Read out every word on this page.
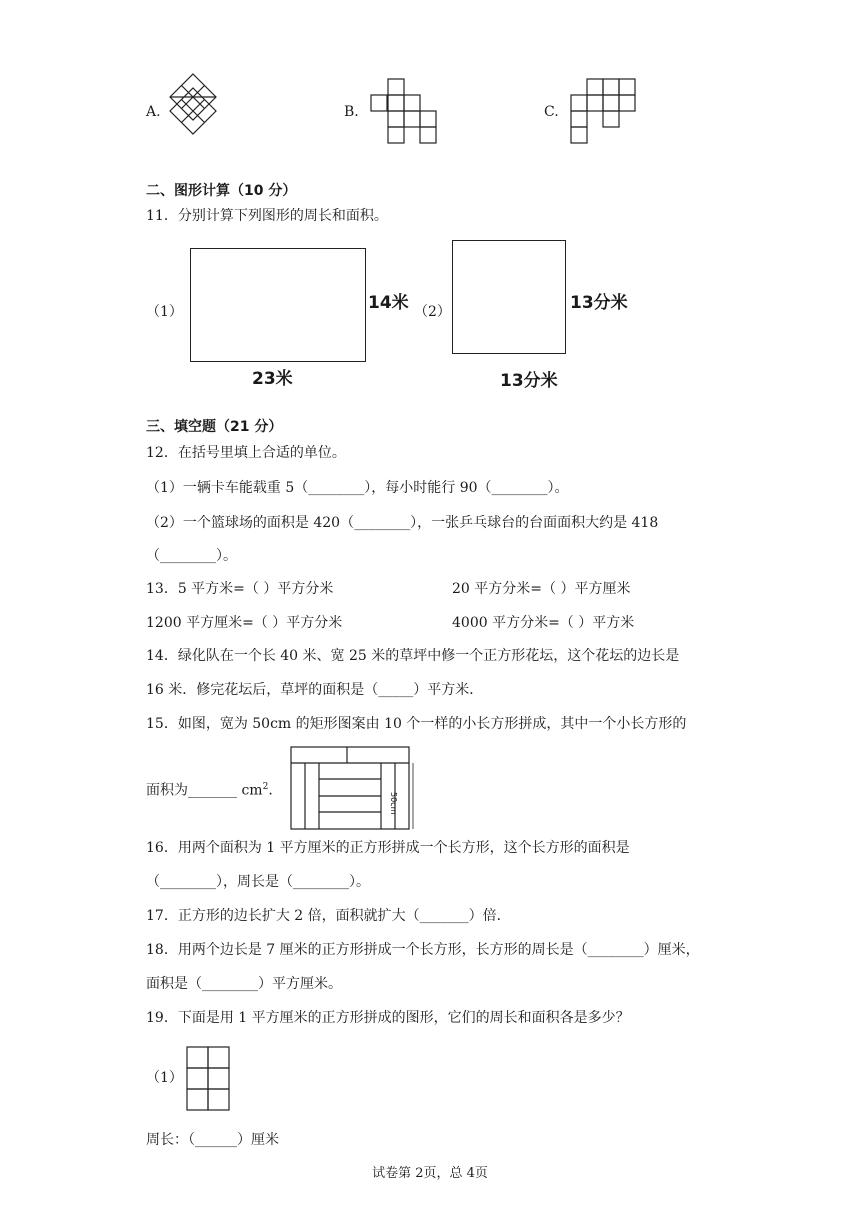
A.	B.	C.
二、图形计算（10 分）
11．分别计算下列图形的周长和面积。
（1）	14米
23米
（2）	13分米
13分米
三、填空题（21 分）
12．在括号里填上合适的单位。
（1）一辆卡车能载重 5（________），每小时能行 90（________）。
（2）一个篮球场的面积是 420（________），一张乒乓球台的台面面积大约是 418
（________）。
13．5 平方米=（ ）平方分米	20 平方分米=（ ）平方厘米
1200 平方厘米=（ ）平方分米	4000 平方分米=（ ）平方米
14．绿化队在一个长 40 米、宽 25 米的草坪中修一个正方形花坛，这个花坛的边长是
16 米．修完花坛后，草坪的面积是（_____）平方米．
15．如图，宽为 50cm 的矩形图案由 10 个一样的小长方形拼成，其中一个小长方形的
面积为_______ $cm^2$.
50cm
16．用两个面积为 1 平方厘米的正方形拼成一个长方形，这个长方形的面积是
（________），周长是（________）。
17．正方形的边长扩大 2 倍，面积就扩大（_______）倍．
18．用两个边长是 7 厘米的正方形拼成一个长方形，长方形的周长是（________）厘米，
面积是（________）平方厘米。
19．下面是用 1 平方厘米的正方形拼成的图形，它们的周长和面积各是多少？
（1）
周长：（______）厘米
试卷第 2页，总 4页
